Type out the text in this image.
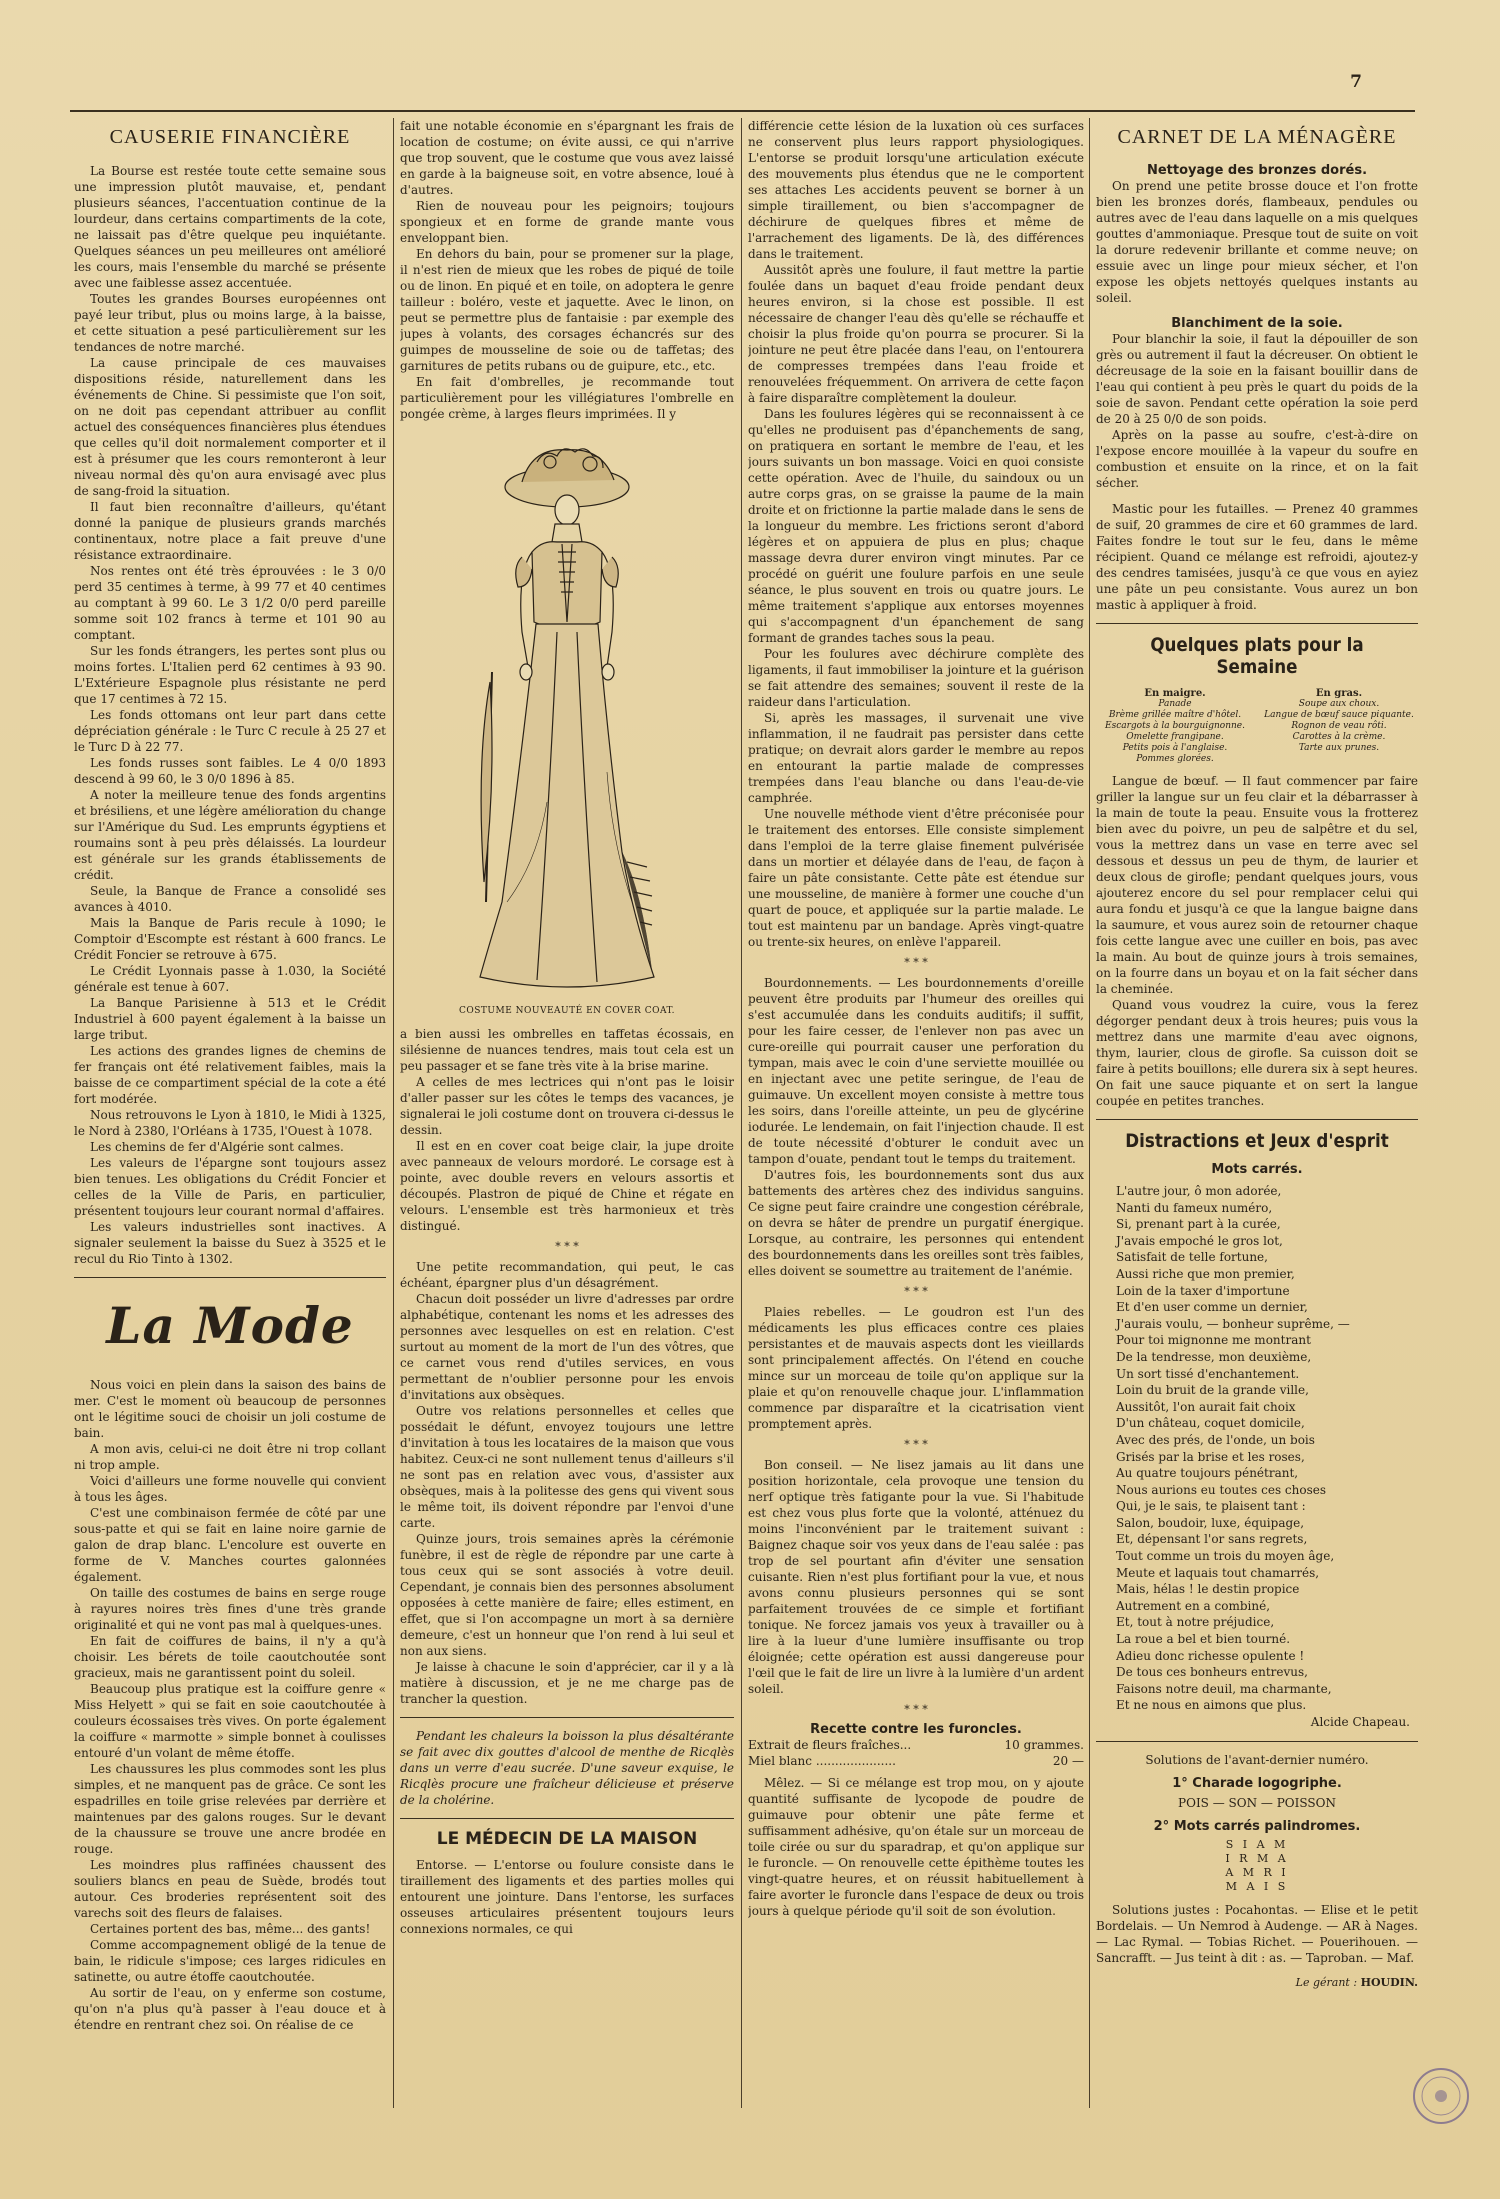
7
CAUSERIE FINANCIÈRE

La Bourse est restée toute cette semaine sous une impression plutôt mauvaise, et, pendant plusieurs séances, l'accentuation continue de la lourdeur, dans certains compartiments de la cote, ne laissait pas d'être quelque peu inquiétante. Quelques séances un peu meilleures ont amélioré les cours, mais l'ensemble du marché se présente avec une faiblesse assez accentuée.

Toutes les grandes Bourses européennes ont payé leur tribut, plus ou moins large, à la baisse, et cette situation a pesé particulièrement sur les tendances de notre marché.

La cause principale de ces mauvaises dispositions réside, naturellement dans les événements de Chine. Si pessimiste que l'on soit, on ne doit pas cependant attribuer au conflit actuel des conséquences financières plus étendues que celles qu'il doit normalement comporter et il est à présumer que les cours remonteront à leur niveau normal dès qu'on aura envisagé avec plus de sang-froid la situation.

Il faut bien reconnaître d'ailleurs, qu'étant donné la panique de plusieurs grands marchés continentaux, notre place a fait preuve d'une résistance extraordinaire.

Nos rentes ont été très éprouvées : le 3 0/0 perd 35 centimes à terme, à 99 77 et 40 centimes au comptant à 99 60. Le 3 1/2 0/0 perd pareille somme soit 102 francs à terme et 101 90 au comptant.

Sur les fonds étrangers, les pertes sont plus ou moins fortes. L'Italien perd 62 centimes à 93 90. L'Extérieure Espagnole plus résistante ne perd que 17 centimes à 72 15.

Les fonds ottomans ont leur part dans cette dépréciation générale : le Turc C recule à 25 27 et le Turc D à 22 77.

Les fonds russes sont faibles. Le 4 0/0 1893 descend à 99 60, le 3 0/0 1896 à 85.

A noter la meilleure tenue des fonds argentins et brésiliens, et une légère amélioration du change sur l'Amérique du Sud. Les emprunts égyptiens et roumains sont à peu près délaissés. La lourdeur est générale sur les grands établissements de crédit.

Seule, la Banque de France a consolidé ses avances à 4010.

Mais la Banque de Paris recule à 1090; le Comptoir d'Escompte est réstant à 600 francs. Le Crédit Foncier se retrouve à 675.

Le Crédit Lyonnais passe à 1.030, la Société générale est tenue à 607.

La Banque Parisienne à 513 et le Crédit Industriel à 600 payent également à la baisse un large tribut.

Les actions des grandes lignes de chemins de fer français ont été relativement faibles, mais la baisse de ce compartiment spécial de la cote a été fort modérée.

Nous retrouvons le Lyon à 1810, le Midi à 1325, le Nord à 2380, l'Orléans à 1735, l'Ouest à 1078.

Les chemins de fer d'Algérie sont calmes.

Les valeurs de l'épargne sont toujours assez bien tenues. Les obligations du Crédit Foncier et celles de la Ville de Paris, en particulier, présentent toujours leur courant normal d'affaires.

Les valeurs industrielles sont inactives. A signaler seulement la baisse du Suez à 3525 et le recul du Rio Tinto à 1302.

La Mode

Nous voici en plein dans la saison des bains de mer. C'est le moment où beaucoup de personnes ont le légitime souci de choisir un joli costume de bain.

A mon avis, celui-ci ne doit être ni trop collant ni trop ample.

Voici d'ailleurs une forme nouvelle qui convient à tous les âges.

C'est une combinaison fermée de côté par une sous-patte et qui se fait en laine noire garnie de galon de drap blanc. L'encolure est ouverte en forme de V. Manches courtes galonnées également.

On taille des costumes de bains en serge rouge à rayures noires très fines d'une très grande originalité et qui ne vont pas mal à quelques-unes.

En fait de coiffures de bains, il n'y a qu'à choisir. Les bérets de toile caoutchoutée sont gracieux, mais ne garantissent point du soleil.

Beaucoup plus pratique est la coiffure genre « Miss Helyett » qui se fait en soie caoutchoutée à couleurs écossaises très vives. On porte également la coiffure « marmotte » simple bonnet à coulisses entouré d'un volant de même étoffe.

Les chaussures les plus commodes sont les plus simples, et ne manquent pas de grâce. Ce sont les espadrilles en toile grise relevées par derrière et maintenues par des galons rouges. Sur le devant de la chaussure se trouve une ancre brodée en rouge.

Les moindres plus raffinées chaussent des souliers blancs en peau de Suède, brodés tout autour. Ces broderies représentent soit des varechs soit des fleurs de falaises.

Certaines portent des bas, même... des gants!

Comme accompagnement obligé de la tenue de bain, le ridicule s'impose; ces larges ridicules en satinette, ou autre étoffe caoutchoutée.

Au sortir de l'eau, on y enferme son costume, qu'on n'a plus qu'à passer à l'eau douce et à étendre en rentrant chez soi. On réalise de ce

fait une notable économie en s'épargnant les frais de location de costume; on évite aussi, ce qui n'arrive que trop souvent, que le costume que vous avez laissé en garde à la baigneuse soit, en votre absence, loué à d'autres.

Rien de nouveau pour les peignoirs; toujours spongieux et en forme de grande mante vous enveloppant bien.

En dehors du bain, pour se promener sur la plage, il n'est rien de mieux que les robes de piqué de toile ou de linon. En piqué et en toile, on adoptera le genre tailleur : boléro, veste et jaquette. Avec le linon, on peut se permettre plus de fantaisie : par exemple des jupes à volants, des corsages échancrés sur des guimpes de mousseline de soie ou de taffetas; des garnitures de petits rubans ou de guipure, etc., etc.

En fait d'ombrelles, je recommande tout particulièrement pour les villégiatures l'ombrelle en pongée crème, à larges fleurs imprimées. Il y

COSTUME NOUVEAUTÉ EN COVER COAT.

a bien aussi les ombrelles en taffetas écossais, en silésienne de nuances tendres, mais tout cela est un peu passager et se fane très vite à la brise marine.

A celles de mes lectrices qui n'ont pas le loisir d'aller passer sur les côtes le temps des vacances, je signalerai le joli costume dont on trouvera ci-dessus le dessin.

Il est en en cover coat beige clair, la jupe droite avec panneaux de velours mordoré. Le corsage est à pointe, avec double revers en velours assortis et découpés. Plastron de piqué de Chine et régate en velours. L'ensemble est très harmonieux et très distingué.

* * *

Une petite recommandation, qui peut, le cas échéant, épargner plus d'un désagrément.

Chacun doit posséder un livre d'adresses par ordre alphabétique, contenant les noms et les adresses des personnes avec lesquelles on est en relation. C'est surtout au moment de la mort de l'un des vôtres, que ce carnet vous rend d'utiles services, en vous permettant de n'oublier personne pour les envois d'invitations aux obsèques.

Outre vos relations personnelles et celles que possédait le défunt, envoyez toujours une lettre d'invitation à tous les locataires de la maison que vous habitez. Ceux-ci ne sont nullement tenus d'ailleurs s'il ne sont pas en relation avec vous, d'assister aux obsèques, mais à la politesse des gens qui vivent sous le même toit, ils doivent répondre par l'envoi d'une carte.

Quinze jours, trois semaines après la cérémonie funèbre, il est de règle de répondre par une carte à tous ceux qui se sont associés à votre deuil. Cependant, je connais bien des personnes absolument opposées à cette manière de faire; elles estiment, en effet, que si l'on accompagne un mort à sa dernière demeure, c'est un honneur que l'on rend à lui seul et non aux siens.

Je laisse à chacune le soin d'apprécier, car il y a là matière à discussion, et je ne me charge pas de trancher la question.

Pendant les chaleurs la boisson la plus désaltérante se fait avec dix gouttes d'alcool de menthe de Ricqlès dans un verre d'eau sucrée. D'une saveur exquise, le Ricqlès procure une fraîcheur délicieuse et préserve de la cholérine.

LE MÉDECIN DE LA MAISON

Entorse. — L'entorse ou foulure consiste dans le tiraillement des ligaments et des parties molles qui entourent une jointure. Dans l'entorse, les surfaces osseuses articulaires présentent toujours leurs connexions normales, ce qui

différencie cette lésion de la luxation où ces surfaces ne conservent plus leurs rapport physiologiques. L'entorse se produit lorsqu'une articulation exécute des mouvements plus étendus que ne le comportent ses attaches Les accidents peuvent se borner à un simple tiraillement, ou bien s'accompagner de déchirure de quelques fibres et même de l'arrachement des ligaments. De là, des différences dans le traitement.

Aussitôt après une foulure, il faut mettre la partie foulée dans un baquet d'eau froide pendant deux heures environ, si la chose est possible. Il est nécessaire de changer l'eau dès qu'elle se réchauffe et choisir la plus froide qu'on pourra se procurer. Si la jointure ne peut être placée dans l'eau, on l'entourera de compresses trempées dans l'eau froide et renouvelées fréquemment. On arrivera de cette façon à faire disparaître complètement la douleur.

Dans les foulures légères qui se reconnaissent à ce qu'elles ne produisent pas d'épanchements de sang, on pratiquera en sortant le membre de l'eau, et les jours suivants un bon massage. Voici en quoi consiste cette opération. Avec de l'huile, du saindoux ou un autre corps gras, on se graisse la paume de la main droite et on frictionne la partie malade dans le sens de la longueur du membre. Les frictions seront d'abord légères et on appuiera de plus en plus; chaque massage devra durer environ vingt minutes. Par ce procédé on guérit une foulure parfois en une seule séance, le plus souvent en trois ou quatre jours. Le même traitement s'applique aux entorses moyennes qui s'accompagnent d'un épanchement de sang formant de grandes taches sous la peau.

Pour les foulures avec déchirure complète des ligaments, il faut immobiliser la jointure et la guérison se fait attendre des semaines; souvent il reste de la raideur dans l'articulation.

Si, après les massages, il survenait une vive inflammation, il ne faudrait pas persister dans cette pratique; on devrait alors garder le membre au repos en entourant la partie malade de compresses trempées dans l'eau blanche ou dans l'eau-de-vie camphrée.

Une nouvelle méthode vient d'être préconisée pour le traitement des entorses. Elle consiste simplement dans l'emploi de la terre glaise finement pulvérisée dans un mortier et délayée dans de l'eau, de façon à faire un pâte consistante. Cette pâte est étendue sur une mousseline, de manière à former une couche d'un quart de pouce, et appliquée sur la partie malade. Le tout est maintenu par un bandage. Après vingt-quatre ou trente-six heures, on enlève l'appareil.

* * *

Bourdonnements. — Les bourdonnements d'oreille peuvent être produits par l'humeur des oreilles qui s'est accumulée dans les conduits auditifs; il suffit, pour les faire cesser, de l'enlever non pas avec un cure-oreille qui pourrait causer une perforation du tympan, mais avec le coin d'une serviette mouillée ou en injectant avec une petite seringue, de l'eau de guimauve. Un excellent moyen consiste à mettre tous les soirs, dans l'oreille atteinte, un peu de glycérine iodurée. Le lendemain, on fait l'injection chaude. Il est de toute nécessité d'obturer le conduit avec un tampon d'ouate, pendant tout le temps du traitement.

D'autres fois, les bourdonnements sont dus aux battements des artères chez des individus sanguins. Ce signe peut faire craindre une congestion cérébrale, on devra se hâter de prendre un purgatif énergique. Lorsque, au contraire, les personnes qui entendent des bourdonnements dans les oreilles sont très faibles, elles doivent se soumettre au traitement de l'anémie.

* * *

Plaies rebelles. — Le goudron est l'un des médicaments les plus efficaces contre ces plaies persistantes et de mauvais aspects dont les vieillards sont principalement affectés. On l'étend en couche mince sur un morceau de toile qu'on applique sur la plaie et qu'on renouvelle chaque jour. L'inflammation commence par disparaître et la cicatrisation vient promptement après.

* * *

Bon conseil. — Ne lisez jamais au lit dans une position horizontale, cela provoque une tension du nerf optique très fatigante pour la vue. Si l'habitude est chez vous plus forte que la volonté, atténuez du moins l'inconvénient par le traitement suivant : Baignez chaque soir vos yeux dans de l'eau salée : pas trop de sel pourtant afin d'éviter une sensation cuisante. Rien n'est plus fortifiant pour la vue, et nous avons connu plusieurs personnes qui se sont parfaitement trouvées de ce simple et fortifiant tonique. Ne forcez jamais vos yeux à travailler ou à lire à la lueur d'une lumière insuffisante ou trop éloignée; cette opération est aussi dangereuse pour l'œil que le fait de lire un livre à la lumière d'un ardent soleil.

* * *
Recette contre les furoncles.
Extrait de fleurs fraîches...	10 grammes.
Miel blanc .....................	20 —

Mêlez. — Si ce mélange est trop mou, on y ajoute quantité suffisante de lycopode de poudre de guimauve pour obtenir une pâte ferme et suffisamment adhésive, qu'on étale sur un morceau de toile cirée ou sur du sparadrap, et qu'on applique sur le furoncle. — On renouvelle cette épithème toutes les vingt-quatre heures, et on réussit habituellement à faire avorter le furoncle dans l'espace de deux ou trois jours à quelque période qu'il soit de son évolution.

CARNET DE LA MÉNAGÈRE
Nettoyage des bronzes dorés.

On prend une petite brosse douce et l'on frotte bien les bronzes dorés, flambeaux, pendules ou autres avec de l'eau dans laquelle on a mis quelques gouttes d'ammoniaque. Presque tout de suite on voit la dorure redevenir brillante et comme neuve; on essuie avec un linge pour mieux sécher, et l'on expose les objets nettoyés quelques instants au soleil.

Blanchiment de la soie.

Pour blanchir la soie, il faut la dépouiller de son grès ou autrement il faut la décreuser. On obtient le décreusage de la soie en la faisant bouillir dans de l'eau qui contient à peu près le quart du poids de la soie de savon. Pendant cette opération la soie perd de 20 à 25 0/0 de son poids.

Après on la passe au soufre, c'est-à-dire on l'expose encore mouillée à la vapeur du soufre en combustion et ensuite on la rince, et on la fait sécher.

Mastic pour les futailles. — Prenez 40 grammes de suif, 20 grammes de cire et 60 grammes de lard. Faites fondre le tout sur le feu, dans le même récipient. Quand ce mélange est refroidi, ajoutez-y des cendres tamisées, jusqu'à ce que vous en ayiez une pâte un peu consistante. Vous aurez un bon mastic à appliquer à froid.

Quelques plats pour la Semaine
En maigre.
Panade
Brème grillée maître d'hôtel.
Escargots à la bourguignonne.
Omelette frangipane.
Petits pois à l'anglaise.
Pommes glorées.
En gras.
Soupe aux choux.
Langue de bœuf sauce piquante.
Rognon de veau rôti.
Carottes à la crème.
Tarte aux prunes.

Langue de bœuf. — Il faut commencer par faire griller la langue sur un feu clair et la débarrasser à la main de toute la peau. Ensuite vous la frotterez bien avec du poivre, un peu de salpêtre et du sel, vous la mettrez dans un vase en terre avec sel dessous et dessus un peu de thym, de laurier et deux clous de girofle; pendant quelques jours, vous ajouterez encore du sel pour remplacer celui qui aura fondu et jusqu'à ce que la langue baigne dans la saumure, et vous aurez soin de retourner chaque fois cette langue avec une cuiller en bois, pas avec la main. Au bout de quinze jours à trois semaines, on la fourre dans un boyau et on la fait sécher dans la cheminée.

Quand vous voudrez la cuire, vous la ferez dégorger pendant deux à trois heures; puis vous la mettrez dans une marmite d'eau avec oignons, thym, laurier, clous de girofle. Sa cuisson doit se faire à petits bouillons; elle durera six à sept heures. On fait une sauce piquante et on sert la langue coupée en petites tranches.

Distractions et Jeux d'esprit
Mots carrés.
L'autre jour, ô mon adorée,
Nanti du fameux numéro,
Si, prenant part à la curée,
J'avais empoché le gros lot,
Satisfait de telle fortune,
Aussi riche que mon premier,
Loin de la taxer d'importune
Et d'en user comme un dernier,
J'aurais voulu, — bonheur suprême, —
Pour toi mignonne me montrant
De la tendresse, mon deuxième,
Un sort tissé d'enchantement.
Loin du bruit de la grande ville,
Aussitôt, l'on aurait fait choix
D'un château, coquet domicile,
Avec des prés, de l'onde, un bois
Grisés par la brise et les roses,
Au quatre toujours pénétrant,
Nous aurions eu toutes ces choses
Qui, je le sais, te plaisent tant :
Salon, boudoir, luxe, équipage,
Et, dépensant l'or sans regrets,
Tout comme un trois du moyen âge,
Meute et laquais tout chamarrés,
Mais, hélas ! le destin propice
Autrement en a combiné,
Et, tout à notre préjudice,
La roue a bel et bien tourné.
Adieu donc richesse opulente !
De tous ces bonheurs entrevus,
Faisons notre deuil, ma charmante,
Et ne nous en aimons que plus.
Alcide Chapeau.
Solutions de l'avant-dernier numéro.
1° Charade logogriphe.
POIS — SON — POISSON
2° Mots carrés palindromes.
S I A M
I R M A
A M R I
M A I S

Solutions justes : Pocahontas. — Elise et le petit Bordelais. — Un Nemrod à Audenge. — AR à Nages. — Lac Rymal. — Tobias Richet. — Pouerihouen. — Sancrafft. — Jus teint à dit : as. — Taproban. — Maf.

Le gérant : HOUDIN.
